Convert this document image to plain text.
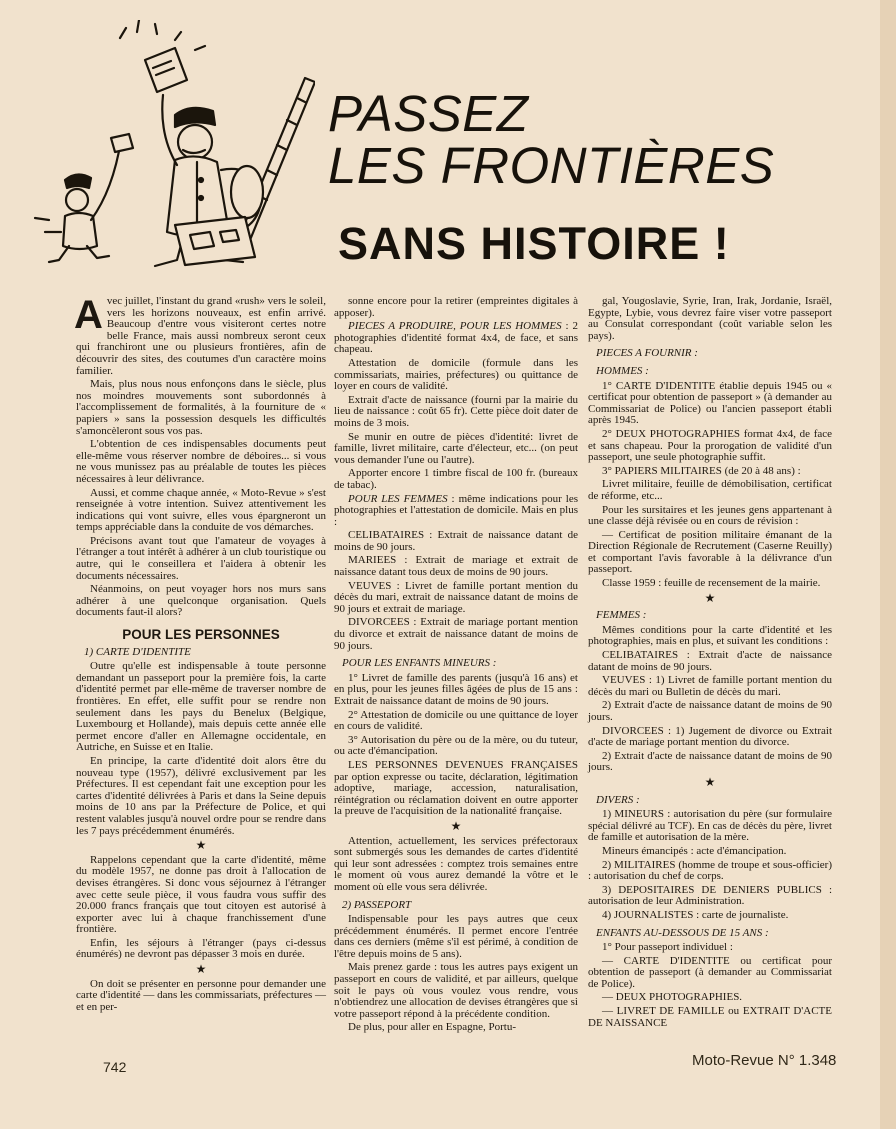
PASSEZ
LES FRONTIÈRES
SANS HISTOIRE !

Avec juillet, l'instant du grand «rush» vers le soleil, vers les horizons nouveaux, est enfin arrivé. Beaucoup d'entre vous visiteront certes notre belle France, mais aussi nombreux seront ceux qui franchiront une ou plusieurs frontières, afin de découvrir des sites, des coutumes d'un caractère moins familier.

Mais, plus nous nous enfonçons dans le siècle, plus nos moindres mouvements sont subordonnés à l'accomplissement de formalités, à la fourniture de « papiers » sans la possession desquels les difficultés s'amoncèleront sous vos pas.

L'obtention de ces indispensables documents peut elle-même vous réserver nombre de déboires... si vous ne vous munissez pas au préalable de toutes les pièces nécessaires à leur délivrance.

Aussi, et comme chaque année, « Moto-Revue » s'est renseignée à votre intention. Suivez attentivement les indications qui vont suivre, elles vous épargneront un temps appréciable dans la conduite de vos démarches.

Précisons avant tout que l'amateur de voyages à l'étranger a tout intérêt à adhérer à un club touristique ou autre, qui le conseillera et l'aidera à obtenir les documents nécessaires.

Néanmoins, on peut voyager hors nos murs sans adhérer à une quelconque organisation. Quels documents faut-il alors?

POUR LES PERSONNES
1) CARTE D'IDENTITE

Outre qu'elle est indispensable à toute personne demandant un passeport pour la première fois, la carte d'identité permet par elle-même de traverser nombre de frontières. En effet, elle suffit pour se rendre non seulement dans les pays du Benelux (Belgique, Luxembourg et Hollande), mais depuis cette année elle permet encore d'aller en Allemagne occidentale, en Autriche, en Suisse et en Italie.

En principe, la carte d'identité doit alors être du nouveau type (1957), délivré exclusivement par les Préfectures. Il est cependant fait une exception pour les cartes d'identité délivrées à Paris et dans la Seine depuis moins de 10 ans par la Préfecture de Police, et qui restent valables jusqu'à nouvel ordre pour se rendre dans les 7 pays précédemment énumérés.

★

Rappelons cependant que la carte d'identité, même du modèle 1957, ne donne pas droit à l'allocation de devises étrangères. Si donc vous séjournez à l'étranger avec cette seule pièce, il vous faudra vous suffir des 20.000 francs français que tout citoyen est autorisé à exporter avec lui à chaque franchissement d'une frontière.

Enfin, les séjours à l'étranger (pays ci-dessus énumérés) ne devront pas dépasser 3 mois en durée.

★

On doit se présenter en personne pour demander une carte d'identité — dans les commissariats, préfectures — et en per-

sonne encore pour la retirer (empreintes digitales à apposer).

PIECES A PRODUIRE, POUR LES HOMMES : 2 photographies d'identité format 4x4, de face, et sans chapeau.

Attestation de domicile (formule dans les commissariats, mairies, préfectures) ou quittance de loyer en cours de validité.

Extrait d'acte de naissance (fourni par la mairie du lieu de naissance : coût 65 fr). Cette pièce doit dater de moins de 3 mois.

Se munir en outre de pièces d'identité: livret de famille, livret militaire, carte d'électeur, etc... (on peut vous demander l'une ou l'autre).

Apporter encore 1 timbre fiscal de 100 fr. (bureaux de tabac).

POUR LES FEMMES : même indications pour les photographies et l'attestation de domicile. Mais en plus :

CELIBATAIRES : Extrait de naissance datant de moins de 90 jours.

MARIEES : Extrait de mariage et extrait de naissance datant tous deux de moins de 90 jours.

VEUVES : Livret de famille portant mention du décès du mari, extrait de naissance datant de moins de 90 jours et extrait de mariage.

DIVORCEES : Extrait de mariage portant mention du divorce et extrait de naissance datant de moins de 90 jours.

POUR LES ENFANTS MINEURS :

1° Livret de famille des parents (jusqu'à 16 ans) et en plus, pour les jeunes filles âgées de plus de 15 ans : Extrait de naissance datant de moins de 90 jours.

2° Attestation de domicile ou une quittance de loyer en cours de validité.

3° Autorisation du père ou de la mère, ou du tuteur, ou acte d'émancipation.

LES PERSONNES DEVENUES FRANÇAISES par option expresse ou tacite, déclaration, légitimation adoptive, mariage, accession, naturalisation, réintégration ou réclamation doivent en outre apporter la preuve de l'acquisition de la nationalité française.

★

Attention, actuellement, les services préfectoraux sont submergés sous les demandes de cartes d'identité qui leur sont adressées : comptez trois semaines entre le moment où vous aurez demandé la vôtre et le moment où elle vous sera délivrée.

2) PASSEPORT

Indispensable pour les pays autres que ceux précédemment énumérés. Il permet encore l'entrée dans ces derniers (même s'il est périmé, à condition de l'être depuis moins de 5 ans).

Mais prenez garde : tous les autres pays exigent un passeport en cours de validité, et par ailleurs, quelque soit le pays où vous voulez vous rendre, vous n'obtiendrez une allocation de devises étrangères que si votre passeport répond à la précédente condition.

De plus, pour aller en Espagne, Portu-

gal, Yougoslavie, Syrie, Iran, Irak, Jordanie, Israël, Egypte, Lybie, vous devrez faire viser votre passeport au Consulat correspondant (coût variable selon les pays).

PIECES A FOURNIR :
HOMMES :

1° CARTE D'IDENTITE établie depuis 1945 ou « certificat pour obtention de passeport » (à demander au Commissariat de Police) ou l'ancien passeport établi après 1945.

2° DEUX PHOTOGRAPHIES format 4x4, de face et sans chapeau. Pour la prorogation de validité d'un passeport, une seule photographie suffit.

3° PAPIERS MILITAIRES (de 20 à 48 ans) :

Livret militaire, feuille de démobilisation, certificat de réforme, etc...

Pour les sursitaires et les jeunes gens appartenant à une classe déjà révisée ou en cours de révision :

— Certificat de position militaire émanant de la Direction Régionale de Recrutement (Caserne Reuilly) et comportant l'avis favorable à la délivrance d'un passeport.

Classe 1959 : feuille de recensement de la mairie.

★
FEMMES :

Mêmes conditions pour la carte d'identité et les photographies, mais en plus, et suivant les conditions :

CELIBATAIRES : Extrait d'acte de naissance datant de moins de 90 jours.

VEUVES : 1) Livret de famille portant mention du décès du mari ou Bulletin de décès du mari.

2) Extrait d'acte de naissance datant de moins de 90 jours.

DIVORCEES : 1) Jugement de divorce ou Extrait d'acte de mariage portant mention du divorce.

2) Extrait d'acte de naissance datant de moins de 90 jours.

★
DIVERS :

1) MINEURS : autorisation du père (sur formulaire spécial délivré au TCF). En cas de décès du père, livret de famille et autorisation de la mère.

Mineurs émancipés : acte d'émancipation.

2) MILITAIRES (homme de troupe et sous-officier) : autorisation du chef de corps.

3) DEPOSITAIRES DE DENIERS PUBLICS : autorisation de leur Administration.

4) JOURNALISTES : carte de journaliste.

ENFANTS AU-DESSOUS DE 15 ANS :

1° Pour passeport individuel :

— CARTE D'IDENTITE ou certificat pour obtention de passeport (à demander au Commissariat de Police).

— DEUX PHOTOGRAPHIES.

— LIVRET DE FAMILLE ou EXTRAIT D'ACTE DE NAISSANCE

742	Moto-Revue N° 1.348
